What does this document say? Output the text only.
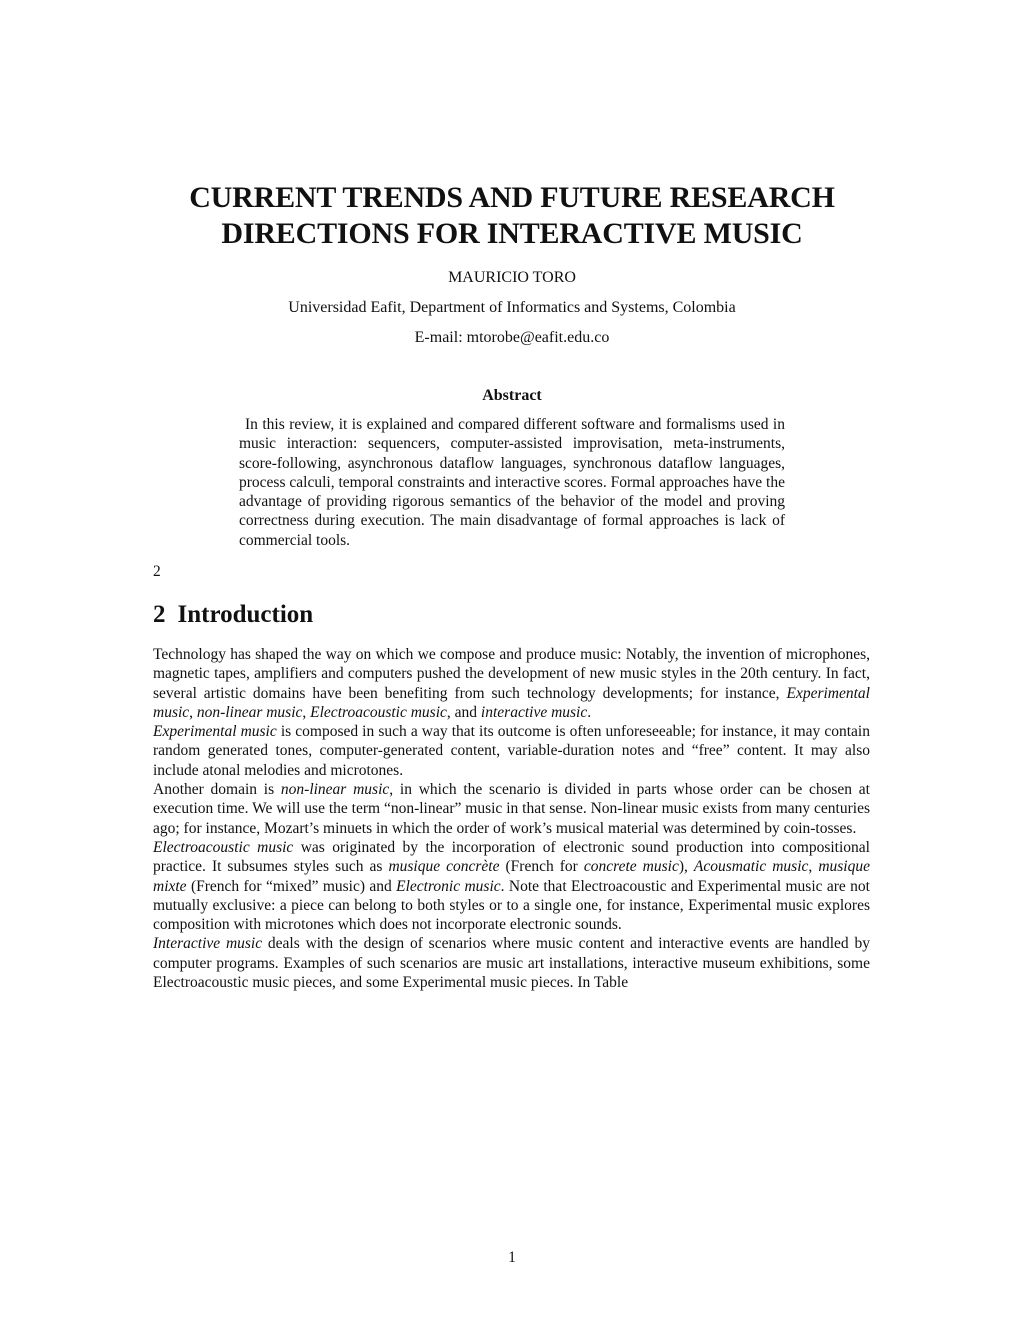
CURRENT TRENDS AND FUTURE RESEARCH
DIRECTIONS FOR INTERACTIVE MUSIC
MAURICIO TORO
Universidad Eafit, Department of Informatics and Systems, Colombia
E-mail: mtorobe@eafit.edu.co
Abstract
In this review, it is explained and compared different software and formalisms used in music interaction: sequencers, computer-assisted improvisation, meta-instruments, score-following, asynchronous dataflow languages, synchronous dataflow languages, process calculi, temporal constraints and interactive scores. Formal approaches have the advantage of providing rigorous semantics of the behavior of the model and proving correctness during execution. The main disadvantage of formal approaches is lack of commercial tools.
2
2 Introduction

Technology has shaped the way on which we compose and produce music: Notably, the invention of microphones, magnetic tapes, amplifiers and computers pushed the development of new music styles in the 20th century. In fact, several artistic domains have been benefiting from such technology developments; for instance, Experimental music, non-linear music, Electroacoustic music, and interactive music.

Experimental music is composed in such a way that its outcome is often unforeseeable; for instance, it may contain random generated tones, computer-generated content, variable-duration notes and “free” content. It may also include atonal melodies and microtones.

Another domain is non-linear music, in which the scenario is divided in parts whose order can be chosen at execution time. We will use the term “non-linear” music in that sense. Non-linear music exists from many centuries ago; for instance, Mozart’s minuets in which the order of work’s musical material was determined by coin-tosses.

Electroacoustic music was originated by the incorporation of electronic sound production into compositional practice. It subsumes styles such as musique concrète (French for concrete music), Acousmatic music, musique mixte (French for “mixed” music) and Electronic music. Note that Electroacoustic and Experimental music are not mutually exclusive: a piece can belong to both styles or to a single one, for instance, Experimental music explores composition with microtones which does not incorporate electronic sounds.

Interactive music deals with the design of scenarios where music content and interactive events are handled by computer programs. Examples of such scenarios are music art installations, interactive museum exhibitions, some Electroacoustic music pieces, and some Experimental music pieces. In Table

1
